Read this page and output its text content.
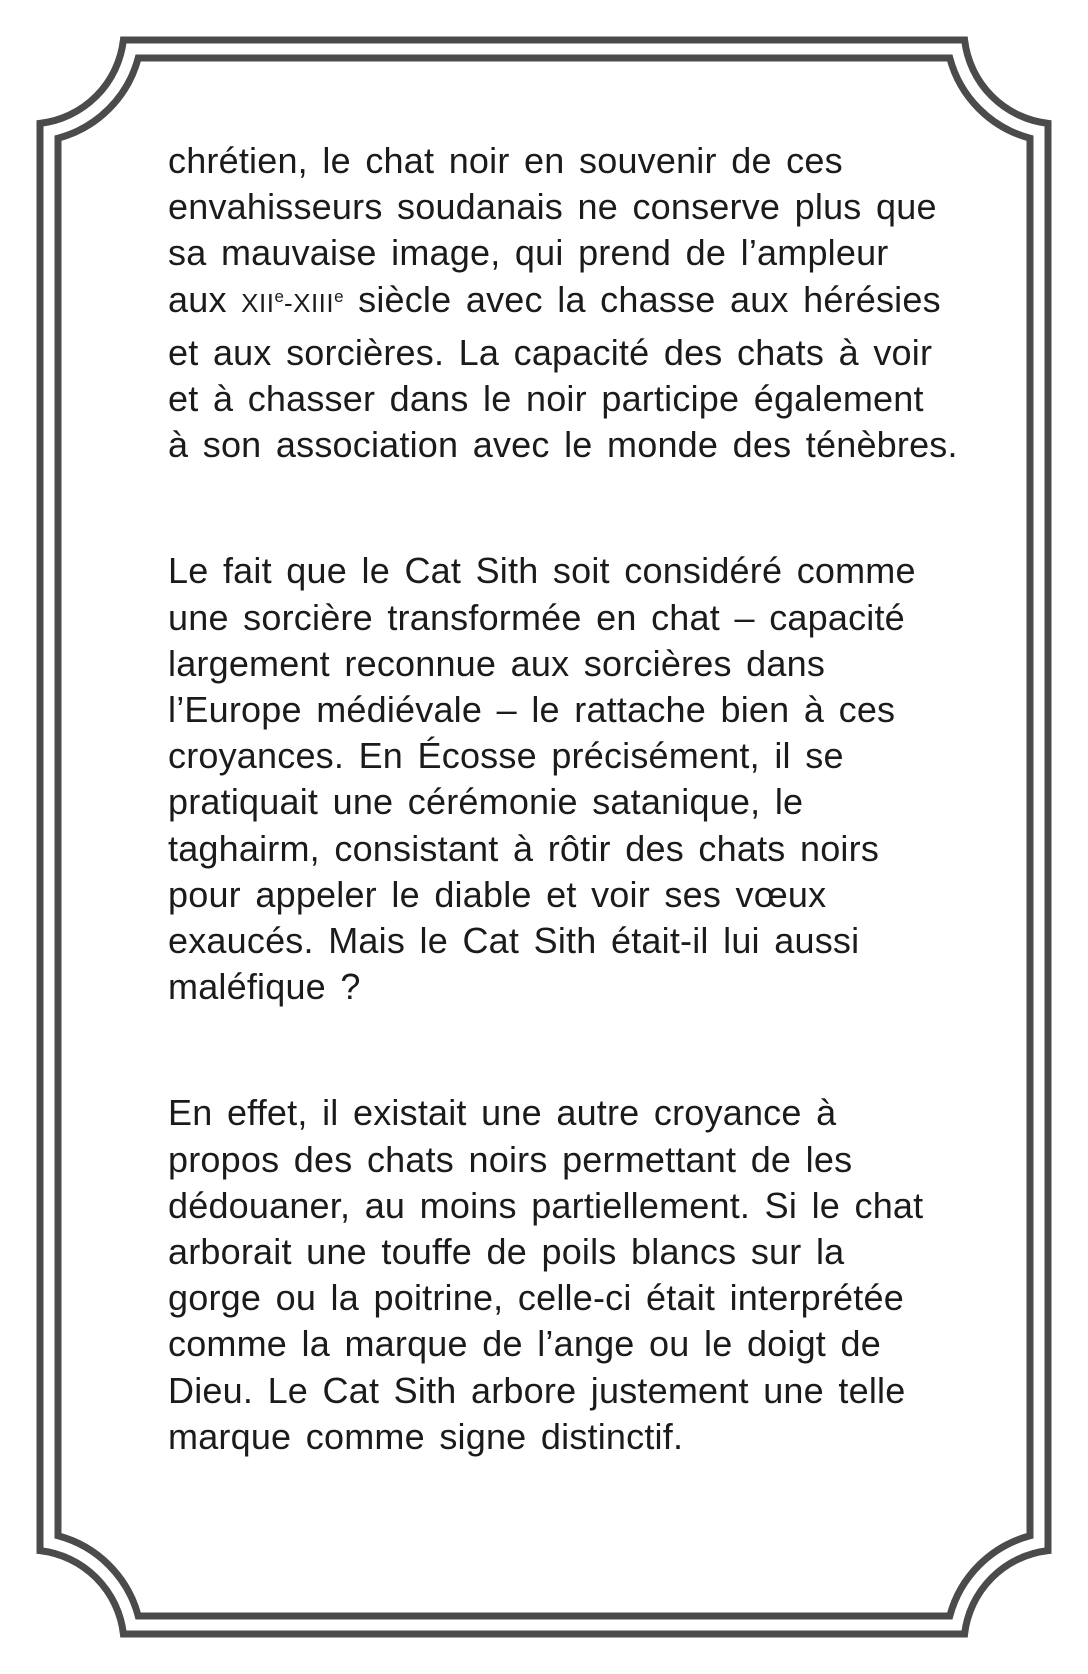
chrétien, le chat noir en souvenir de ces
envahisseurs soudanais ne conserve plus que
sa mauvaise image, qui prend de l’ampleur
aux XIIe-XIIIe siècle avec la chasse aux hérésies
et aux sorcières. La capacité des chats à voir
et à chasser dans le noir participe également
à son association avec le monde des ténèbres.
Le fait que le Cat Sith soit considéré comme
une sorcière transformée en chat – capacité
largement reconnue aux sorcières dans
l’Europe médiévale – le rattache bien à ces
croyances. En Écosse précisément, il se
pratiquait une cérémonie satanique, le
taghairm, consistant à rôtir des chats noirs
pour appeler le diable et voir ses vœux
exaucés. Mais le Cat Sith était-il lui aussi
maléfique ?
En effet, il existait une autre croyance à
propos des chats noirs permettant de les
dédouaner, au moins partiellement. Si le chat
arborait une touffe de poils blancs sur la
gorge ou la poitrine, celle-ci était interprétée
comme la marque de l’ange ou le doigt de
Dieu. Le Cat Sith arbore justement une telle
marque comme signe distinctif.
